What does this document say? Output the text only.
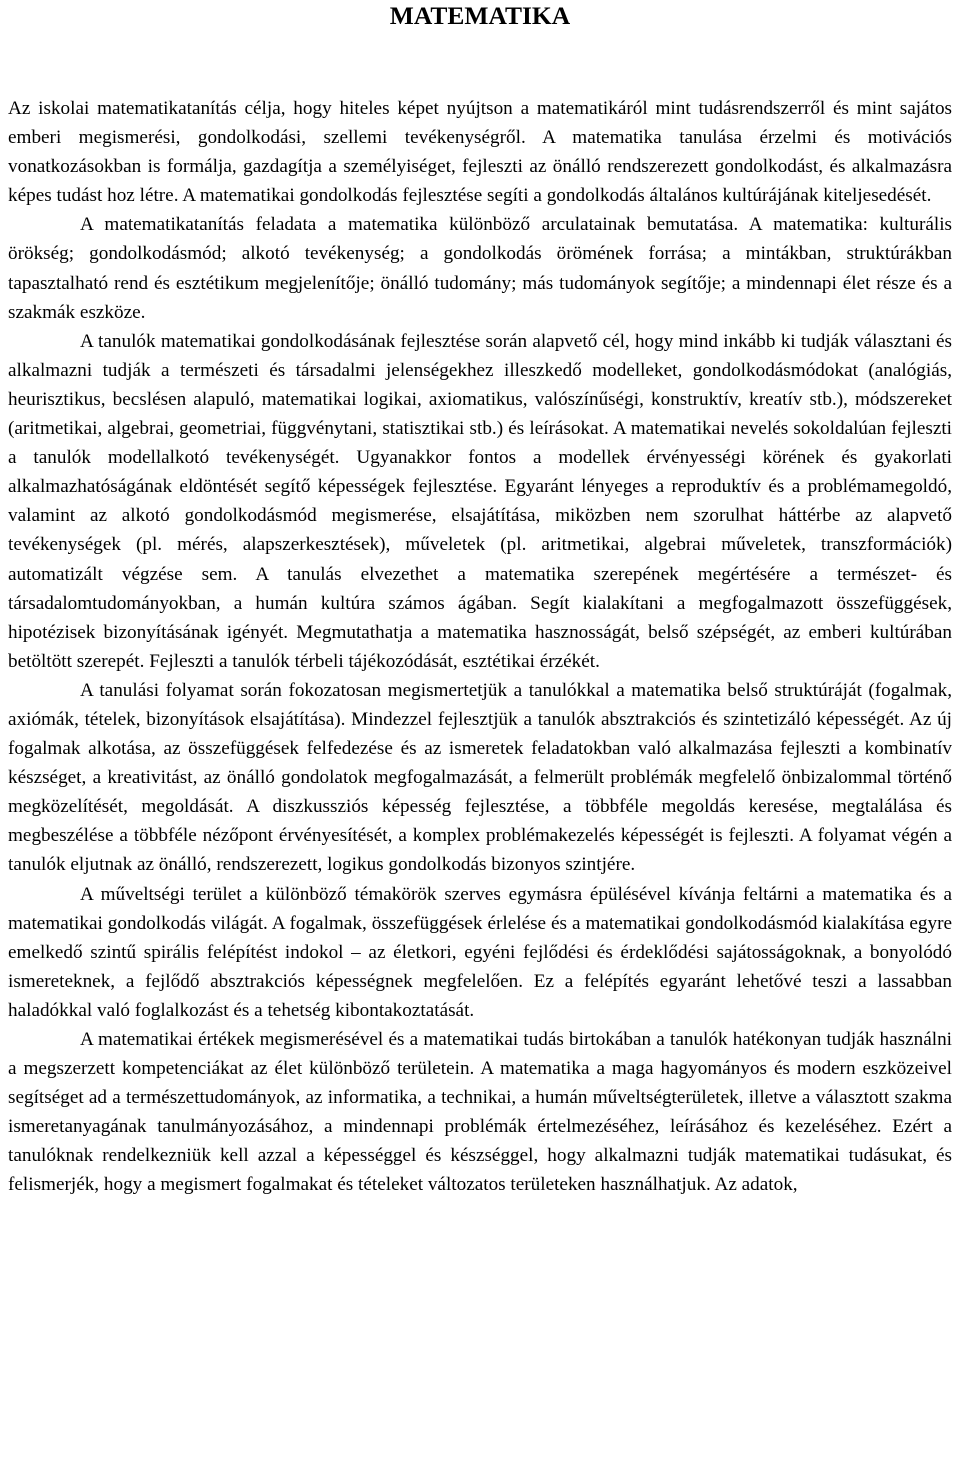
MATEMATIKA

Az iskolai matematikatanítás célja, hogy hiteles képet nyújtson a matematikáról mint tudásrendszerről és mint sajátos emberi megismerési, gondolkodási, szellemi tevékenységről. A matematika tanulása érzelmi és motivációs vonatkozásokban is formálja, gazdagítja a személyiséget, fejleszti az önálló rendszerezett gondolkodást, és alkalmazásra képes tudást hoz létre. A matematikai gondolkodás fejlesztése segíti a gondolkodás általános kultúrájának kiteljesedését.

A matematikatanítás feladata a matematika különböző arculatainak bemutatása. A matematika: kulturális örökség; gondolkodásmód; alkotó tevékenység; a gondolkodás örömének forrása; a mintákban, struktúrákban tapasztalható rend és esztétikum megjelenítője; önálló tudomány; más tudományok segítője; a mindennapi élet része és a szakmák eszköze.

A tanulók matematikai gondolkodásának fejlesztése során alapvető cél, hogy mind inkább ki tudják választani és alkalmazni tudják a természeti és társadalmi jelenségekhez illeszkedő modelleket, gondolkodásmódokat (analógiás, heurisztikus, becslésen alapuló, matematikai logikai, axiomatikus, valószínűségi, konstruktív, kreatív stb.), módszereket (aritmetikai, algebrai, geometriai, függvénytani, statisztikai stb.) és leírásokat. A matematikai nevelés sokoldalúan fejleszti a tanulók modellalkotó tevékenységét. Ugyanakkor fontos a modellek érvényességi körének és gyakorlati alkalmazhatóságának eldöntését segítő képességek fejlesztése. Egyaránt lényeges a reproduktív és a problémamegoldó, valamint az alkotó gondolkodásmód megismerése, elsajátítása, miközben nem szorulhat háttérbe az alapvető tevékenységek (pl. mérés, alapszerkesztések), műveletek (pl. aritmetikai, algebrai műveletek, transzformációk) automatizált végzése sem. A tanulás elvezethet a matematika szerepének megértésére a természet- és társadalomtudományokban, a humán kultúra számos ágában. Segít kialakítani a megfogalmazott összefüggések, hipotézisek bizonyításának igényét. Megmutathatja a matematika hasznosságát, belső szépségét, az emberi kultúrában betöltött szerepét. Fejleszti a tanulók térbeli tájékozódását, esztétikai érzékét.

A tanulási folyamat során fokozatosan megismertetjük a tanulókkal a matematika belső struktúráját (fogalmak, axiómák, tételek, bizonyítások elsajátítása). Mindezzel fejlesztjük a tanulók absztrakciós és szintetizáló képességét. Az új fogalmak alkotása, az összefüggések felfedezése és az ismeretek feladatokban való alkalmazása fejleszti a kombinatív készséget, a kreativitást, az önálló gondolatok megfogalmazását, a felmerült problémák megfelelő önbizalommal történő megközelítését, megoldását. A diszkussziós képesség fejlesztése, a többféle megoldás keresése, megtalálása és megbeszélése a többféle nézőpont érvényesítését, a komplex problémakezelés képességét is fejleszti. A folyamat végén a tanulók eljutnak az önálló, rendszerezett, logikus gondolkodás bizonyos szintjére.

A műveltségi terület a különböző témakörök szerves egymásra épülésével kívánja feltárni a matematika és a matematikai gondolkodás világát. A fogalmak, összefüggések érlelése és a matematikai gondolkodásmód kialakítása egyre emelkedő szintű spirális felépítést indokol – az életkori, egyéni fejlődési és érdeklődési sajátosságoknak, a bonyolódó ismereteknek, a fejlődő absztrakciós képességnek megfelelően. Ez a felépítés egyaránt lehetővé teszi a lassabban haladókkal való foglalkozást és a tehetség kibontakoztatását.

A matematikai értékek megismerésével és a matematikai tudás birtokában a tanulók hatékonyan tudják használni a megszerzett kompetenciákat az élet különböző területein. A matematika a maga hagyományos és modern eszközeivel segítséget ad a természettudományok, az informatika, a technikai, a humán műveltségterületek, illetve a választott szakma ismeretanyagának tanulmányozásához, a mindennapi problémák értelmezéséhez, leírásához és kezeléséhez. Ezért a tanulóknak rendelkezniük kell azzal a képességgel és készséggel, hogy alkalmazni tudják matematikai tudásukat, és felismerjék, hogy a megismert fogalmakat és tételeket változatos területeken használhatjuk. Az adatok,
